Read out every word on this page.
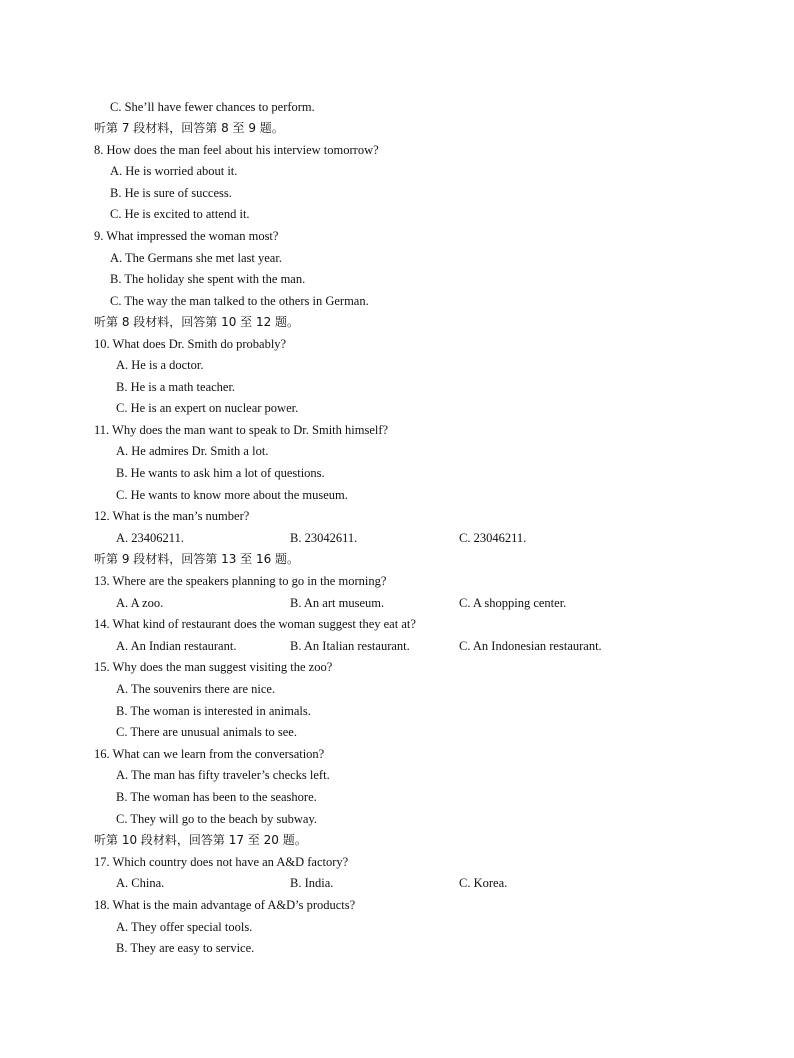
C. She’ll have fewer chances to perform.
听第 7 段材料，回答第 8 至 9 题。
8. How does the man feel about his interview tomorrow?
A. He is worried about it.
B. He is sure of success.
C. He is excited to attend it.
9. What impressed the woman most?
A. The Germans she met last year.
B. The holiday she spent with the man.
C. The way the man talked to the others in German.
听第 8 段材料，回答第 10 至 12 题。
10. What does Dr. Smith do probably?
A. He is a doctor.
B. He is a math teacher.
C. He is an expert on nuclear power.
11. Why does the man want to speak to Dr. Smith himself?
A. He admires Dr. Smith a lot.
B. He wants to ask him a lot of questions.
C. He wants to know more about the museum.
12. What is the man’s number?
A. 23406211.	B. 23042611.	C. 23046211.
听第 9 段材料，回答第 13 至 16 题。
13. Where are the speakers planning to go in the morning?
A. A zoo.	B. An art museum.	C. A shopping center.
14. What kind of restaurant does the woman suggest they eat at?
A. An Indian restaurant.	B. An Italian restaurant.	C. An Indonesian restaurant.
15. Why does the man suggest visiting the zoo?
A. The souvenirs there are nice.
B. The woman is interested in animals.
C. There are unusual animals to see.
16. What can we learn from the conversation?
A. The man has fifty traveler’s checks left.
B. The woman has been to the seashore.
C. They will go to the beach by subway.
听第 10 段材料，回答第 17 至 20 题。
17. Which country does not have an A&D factory?
A. China.	B. India.	C. Korea.
18. What is the main advantage of A&D’s products?
A. They offer special tools.
B. They are easy to service.
